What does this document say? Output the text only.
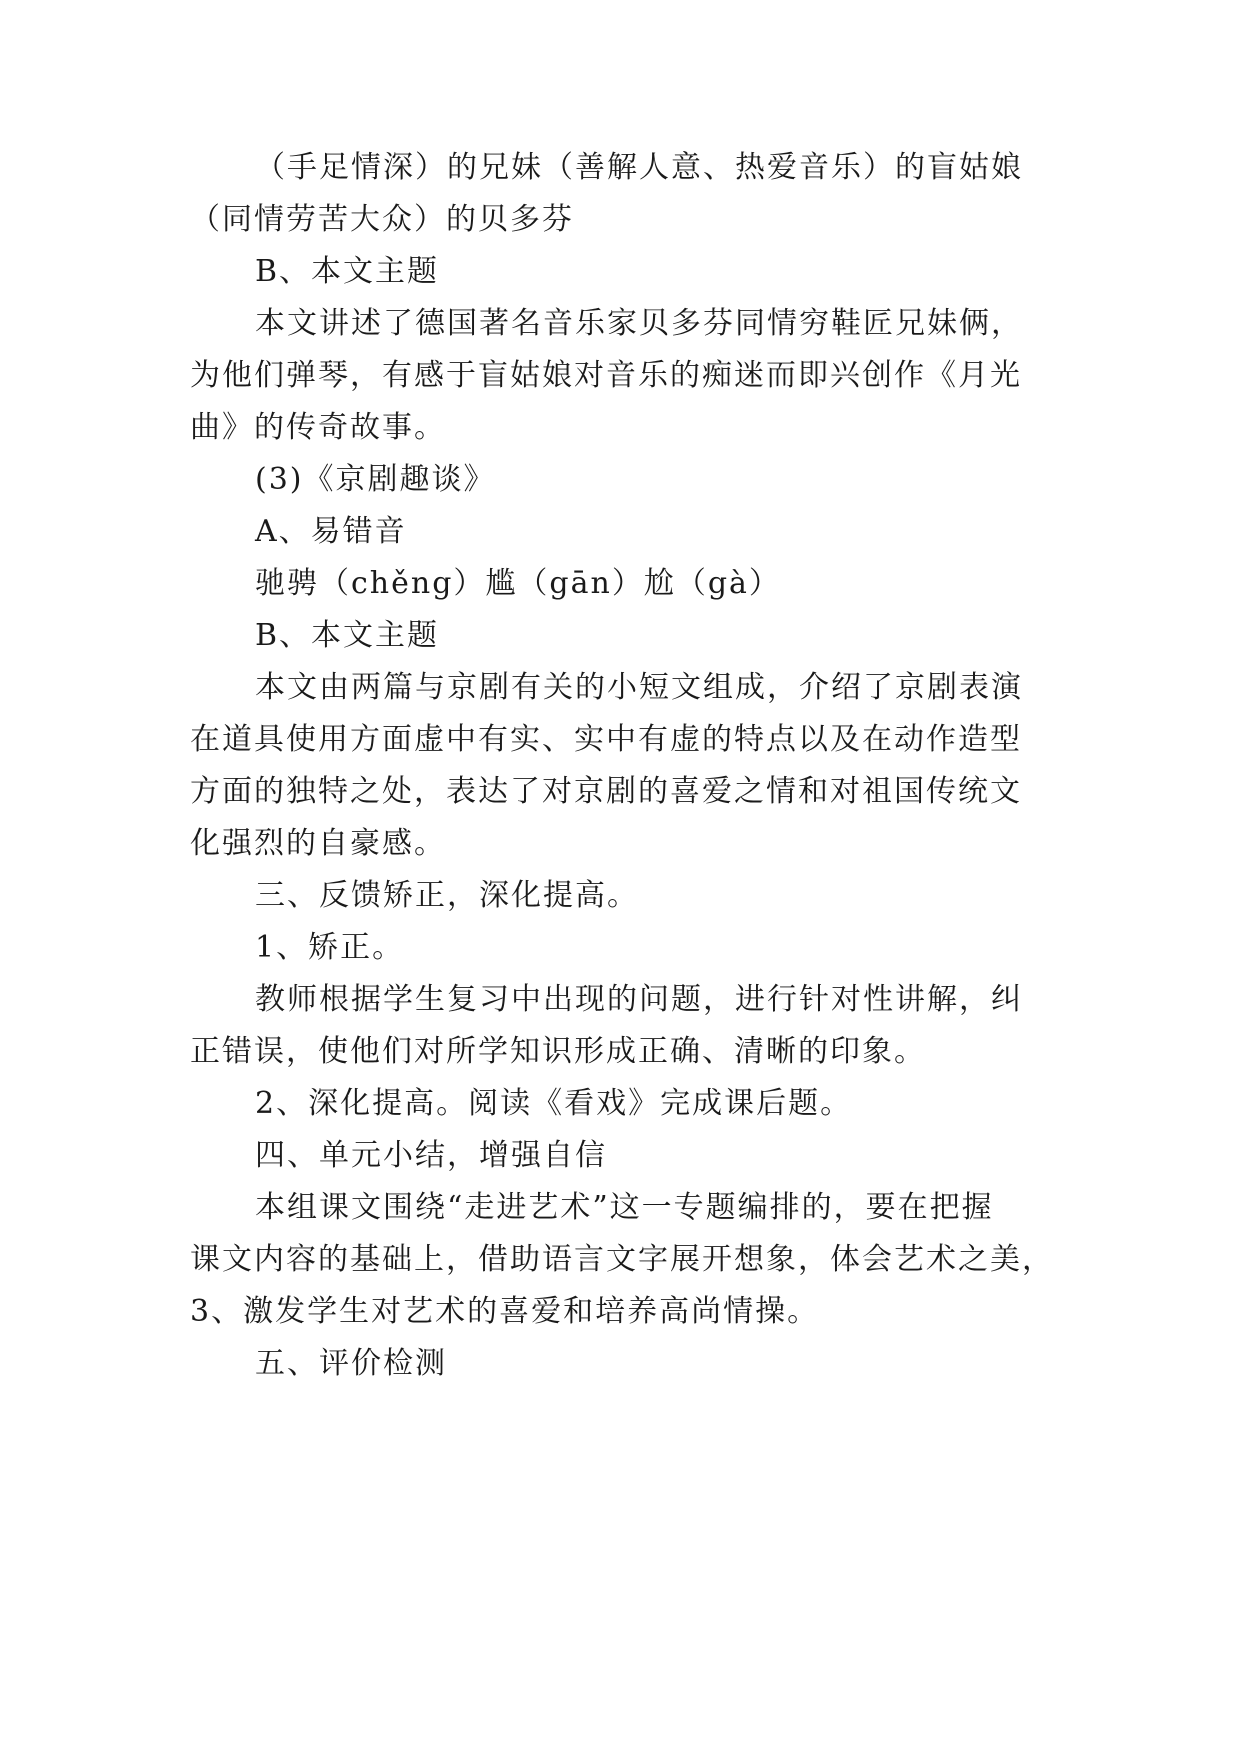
（手足情深）的兄妹（善解人意、热爱音乐）的盲姑娘
（同情劳苦大众）的贝多芬
B、本文主题
本文讲述了德国著名音乐家贝多芬同情穷鞋匠兄妹俩，
为他们弹琴，有感于盲姑娘对音乐的痴迷而即兴创作《月光
曲》的传奇故事。
(3)《京剧趣谈》
A、易错音
驰骋（chěng）尴（gān）尬（gà）
B、本文主题
本文由两篇与京剧有关的小短文组成，介绍了京剧表演
在道具使用方面虚中有实、实中有虚的特点以及在动作造型
方面的独特之处，表达了对京剧的喜爱之情和对祖国传统文
化强烈的自豪感。
三、反馈矫正，深化提高。
1、矫正。
教师根据学生复习中出现的问题，进行针对性讲解，纠
正错误，使他们对所学知识形成正确、清晰的印象。
2、深化提高。阅读《看戏》完成课后题。
四、单元小结，增强自信
本组课文围绕“走进艺术”这一专题编排的，要在把握
课文内容的基础上，借助语言文字展开想象，体会艺术之美，
3、激发学生对艺术的喜爱和培养高尚情操。
五、评价检测
